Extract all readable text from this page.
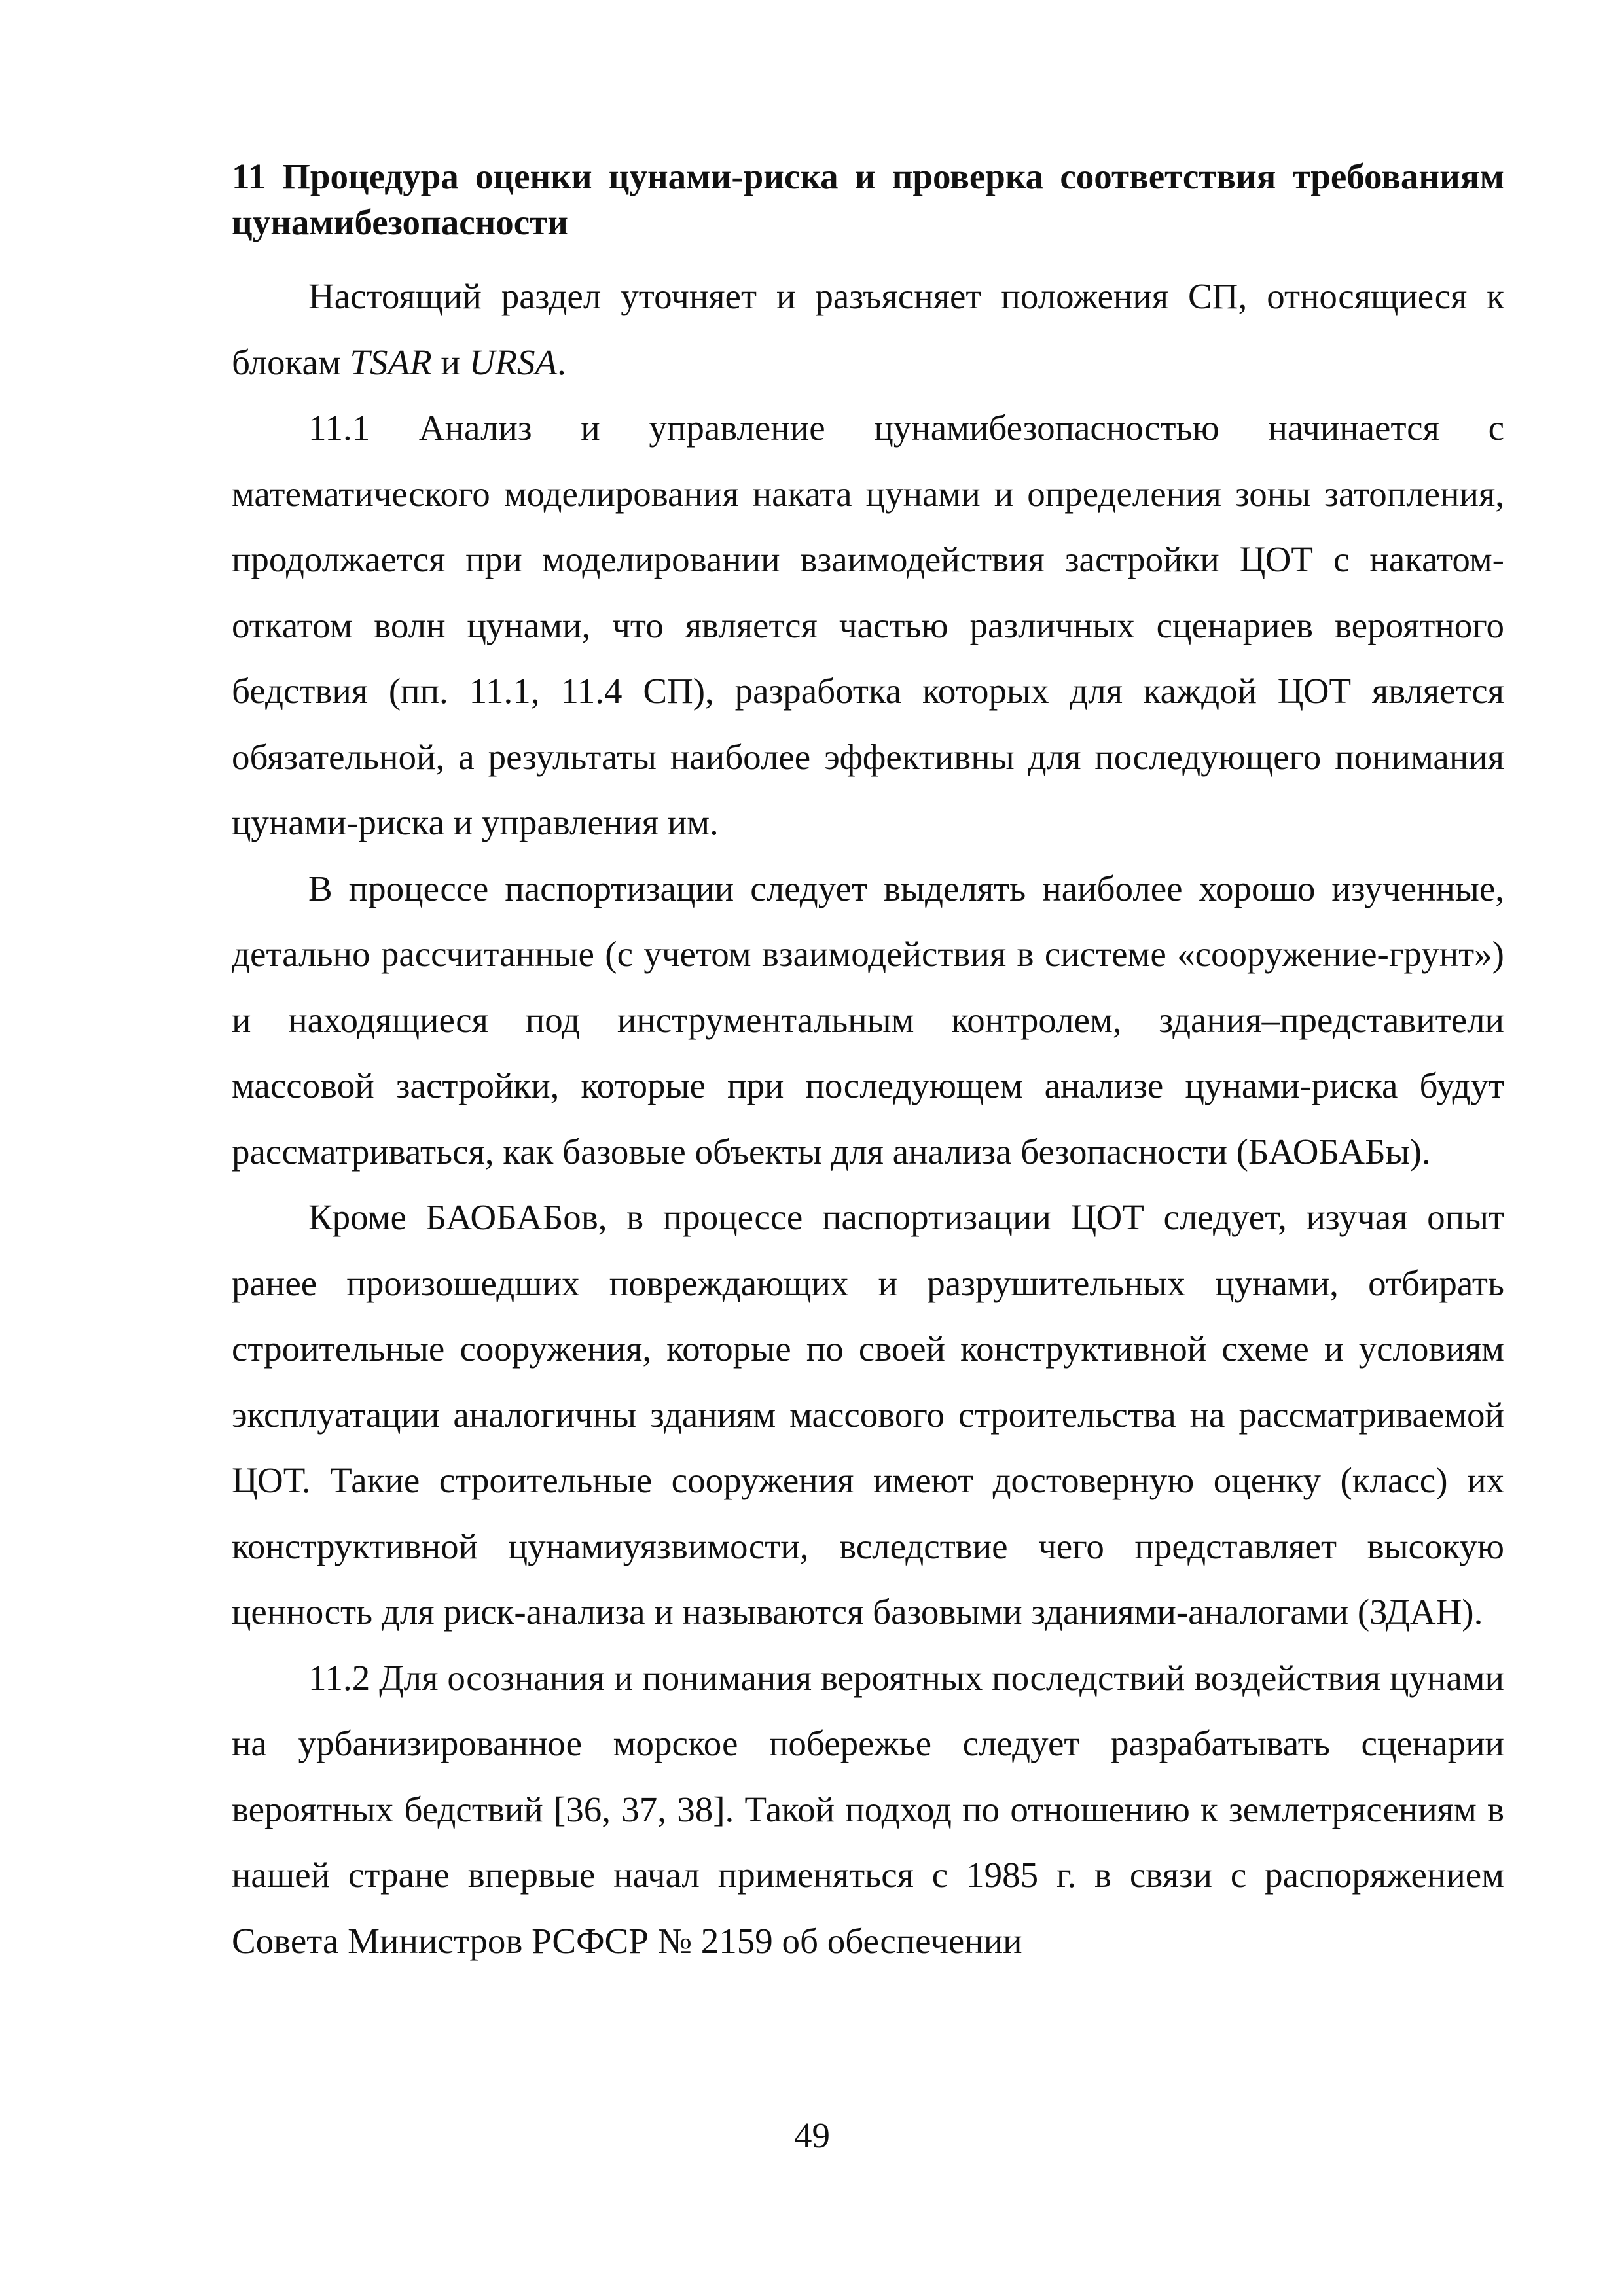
11 Процедура оценки цунами-риска и проверка соответствия требованиям цунамибезопасности

Настоящий раздел уточняет и разъясняет положения СП, относящиеся к блокам TSAR и URSA.

11.1 Анализ и управление цунамибезопасностью начинается с математического моделирования наката цунами и определения зоны затопления, продолжается при моделировании взаимодействия застройки ЦОТ с накатом-откатом волн цунами, что является частью различных сценариев вероятного бедствия (пп. 11.1, 11.4 СП), разработка которых для каждой ЦОТ является обязательной, а результаты наиболее эффективны для последующего понимания цунами-риска и управления им.

В процессе паспортизации следует выделять наиболее хорошо изученные, детально рассчитанные (с учетом взаимодействия в системе «сооружение-грунт») и находящиеся под инструментальным контролем, здания–представители массовой застройки, которые при последующем анализе цунами-риска будут рассматриваться, как базовые объекты для анализа безопасности (БАОБАБы).

Кроме БАОБАБов, в процессе паспортизации ЦОТ следует, изучая опыт ранее произошедших повреждающих и разрушительных цунами, отбирать строительные сооружения, которые по своей конструктивной схеме и условиям эксплуатации аналогичны зданиям массового строительства на рассматриваемой ЦОТ. Такие строительные сооружения имеют достоверную оценку (класс) их конструктивной цунамиуязвимости, вследствие чего представляет высокую ценность для риск-анализа и называются базовыми зданиями-аналогами (ЗДАН).

11.2 Для осознания и понимания вероятных последствий воздействия цунами на урбанизированное морское побережье следует разрабатывать сценарии вероятных бедствий [36, 37, 38]. Такой подход по отношению к землетрясениям в нашей стране впервые начал применяться с 1985 г. в связи с распоряжением Совета Министров РСФСР № 2159 об обеспечении

49
